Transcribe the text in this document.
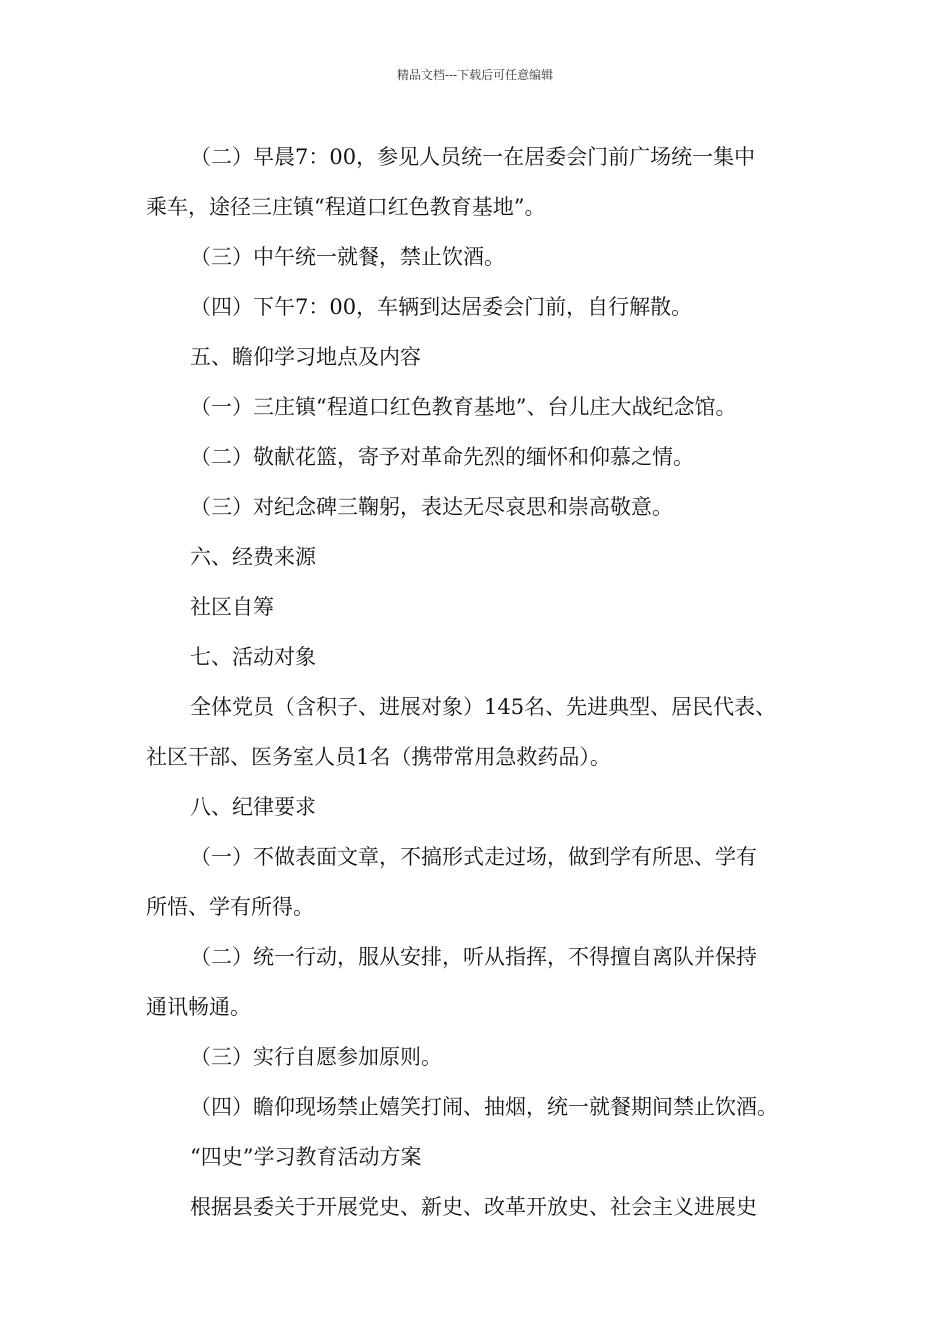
精品文档---下载后可任意编辑

（二）早晨7：00，参见人员统一在居委会门前广场统一集中

乘车，途径三庄镇“程道口红色教育基地”。

（三）中午统一就餐，禁止饮酒。

（四）下午7：00，车辆到达居委会门前，自行解散。

五、瞻仰学习地点及内容

（一）三庄镇“程道口红色教育基地”、台儿庄大战纪念馆。

（二）敬献花篮，寄予对革命先烈的缅怀和仰慕之情。

（三）对纪念碑三鞠躬，表达无尽哀思和崇高敬意。

六、经费来源

社区自筹

七、活动对象

全体党员（含积子、进展对象）145名、先进典型、居民代表、

社区干部、医务室人员1名（携带常用急救药品）。

八、纪律要求

（一）不做表面文章，不搞形式走过场，做到学有所思、学有

所悟、学有所得。

（二）统一行动，服从安排，听从指挥，不得擅自离队并保持

通讯畅通。

（三）实行自愿参加原则。

（四）瞻仰现场禁止嬉笑打闹、抽烟，统一就餐期间禁止饮酒。

“四史”学习教育活动方案

根据县委关于开展党史、新史、改革开放史、社会主义进展史
